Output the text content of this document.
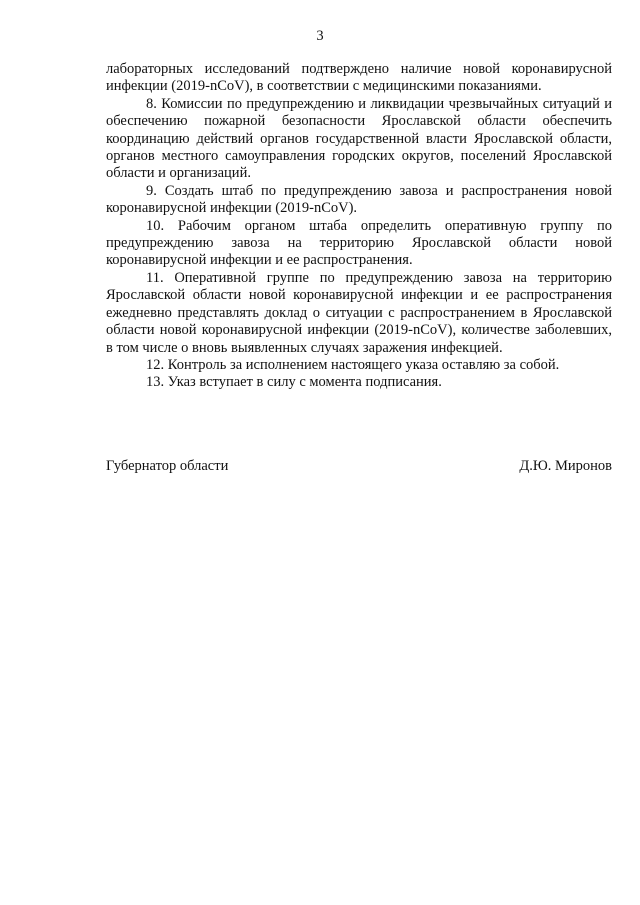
3

лабораторных исследований подтверждено наличие новой коронавирусной инфекции (2019-nCoV), в соответствии с медицинскими показаниями.

8. Комиссии по предупреждению и ликвидации чрезвычайных ситуаций и обеспечению пожарной безопасности Ярославской области обеспечить координацию действий органов государственной власти Ярославской области, органов местного самоуправления городских округов, поселений Ярославской области и организаций.

9. Создать штаб по предупреждению завоза и распространения новой коронавирусной инфекции (2019-nCoV).

10. Рабочим органом штаба определить оперативную группу по предупреждению завоза на территорию Ярославской области новой коронавирусной инфекции и ее распространения.

11. Оперативной группе по предупреждению завоза на территорию Ярославской области новой коронавирусной инфекции и ее распространения ежедневно представлять доклад о ситуации с распространением в Ярославской области новой коронавирусной инфекции (2019-nCoV), количестве заболевших, в том числе о вновь выявленных случаях заражения инфекцией.

12. Контроль за исполнением настоящего указа оставляю за собой.

13. Указ вступает в силу с момента подписания.

Губернатор области	Д.Ю. Миронов
